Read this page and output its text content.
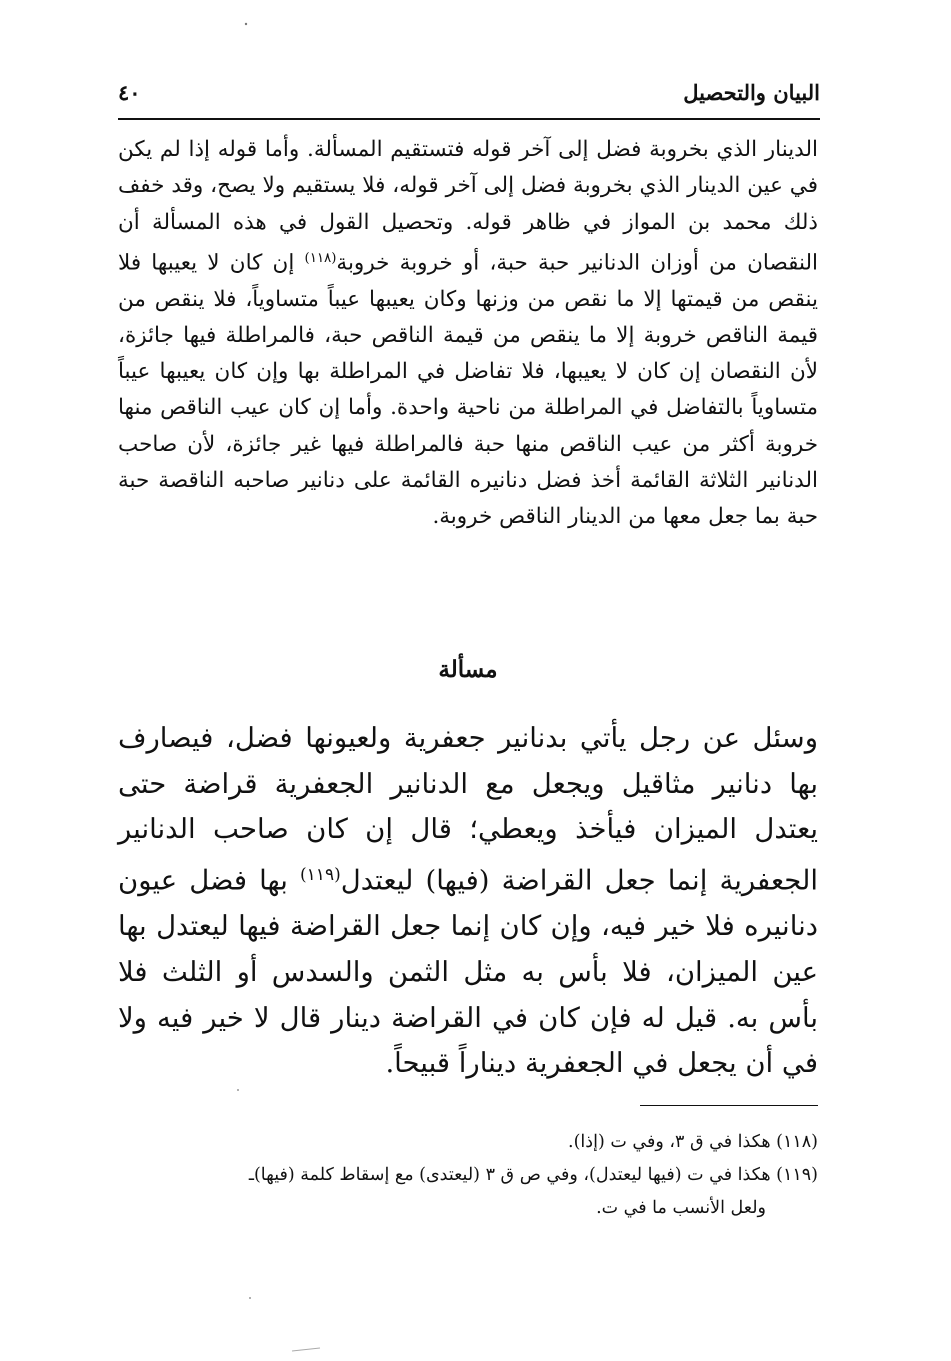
البيان والتحصيل
٤٠

الدينار الذي بخروبة فضل إلى آخر قوله فتستقيم المسألة. وأما قوله إذا لم يكن في عين الدينار الذي بخروبة فضل إلى آخر قوله، فلا يستقيم ولا يصح، وقد خفف ذلك محمد بن المواز في ظاهر قوله. وتحصيل القول في هذه المسألة أن النقصان من أوزان الدنانير حبة حبة، أو خروبة خروبة$^{(١١٨)}$ إن كان لا يعيبها فلا ينقص من قيمتها إلا ما نقص من وزنها وكان يعيبها عيباً متساوياً، فلا ينقص من قيمة الناقص خروبة إلا ما ينقص من قيمة الناقص حبة، فالمراطلة فيها جائزة، لأن النقصان إن كان لا يعيبها، فلا تفاضل في المراطلة بها وإن كان يعيبها عيباً متساوياً بالتفاضل في المراطلة من ناحية واحدة. وأما إن كان عيب الناقص منها خروبة أكثر من عيب الناقص منها حبة فالمراطلة فيها غير جائزة، لأن صاحب الدنانير الثلاثة القائمة أخذ فضل دنانيره القائمة على دنانير صاحبه الناقصة حبة حبة بما جعل معها من الدينار الناقص خروبة.

مسألة

وسئل عن رجل يأتي بدنانير جعفرية ولعيونها فضل، فيصارف بها دنانير مثاقيل ويجعل مع الدنانير الجعفرية قراضة حتى يعتدل الميزان فيأخذ ويعطي؛ قال إن كان صاحب الدنانير الجعفرية إنما جعل القراضة (فيها) ليعتدل$^{(١١٩)}$ بها فضل عيون دنانيره فلا خير فيه، وإن كان إنما جعل القراضة فيها ليعتدل بها عين الميزان، فلا بأس به مثل الثمن والسدس أو الثلث فلا بأس به. قيل له فإن كان في القراضة دينار قال لا خير فيه ولا في أن يجعل في الجعفرية ديناراً قبيحاً.

(١١٨) هكذا في ق ٣، وفي ت (إذا).

(١١٩) هكذا في ت (فيها ليعتدل)، وفي ص ق ٣ (ليعتدى) مع إسقاط كلمة (فيها)ـ

ولعل الأنسب ما في ت.
